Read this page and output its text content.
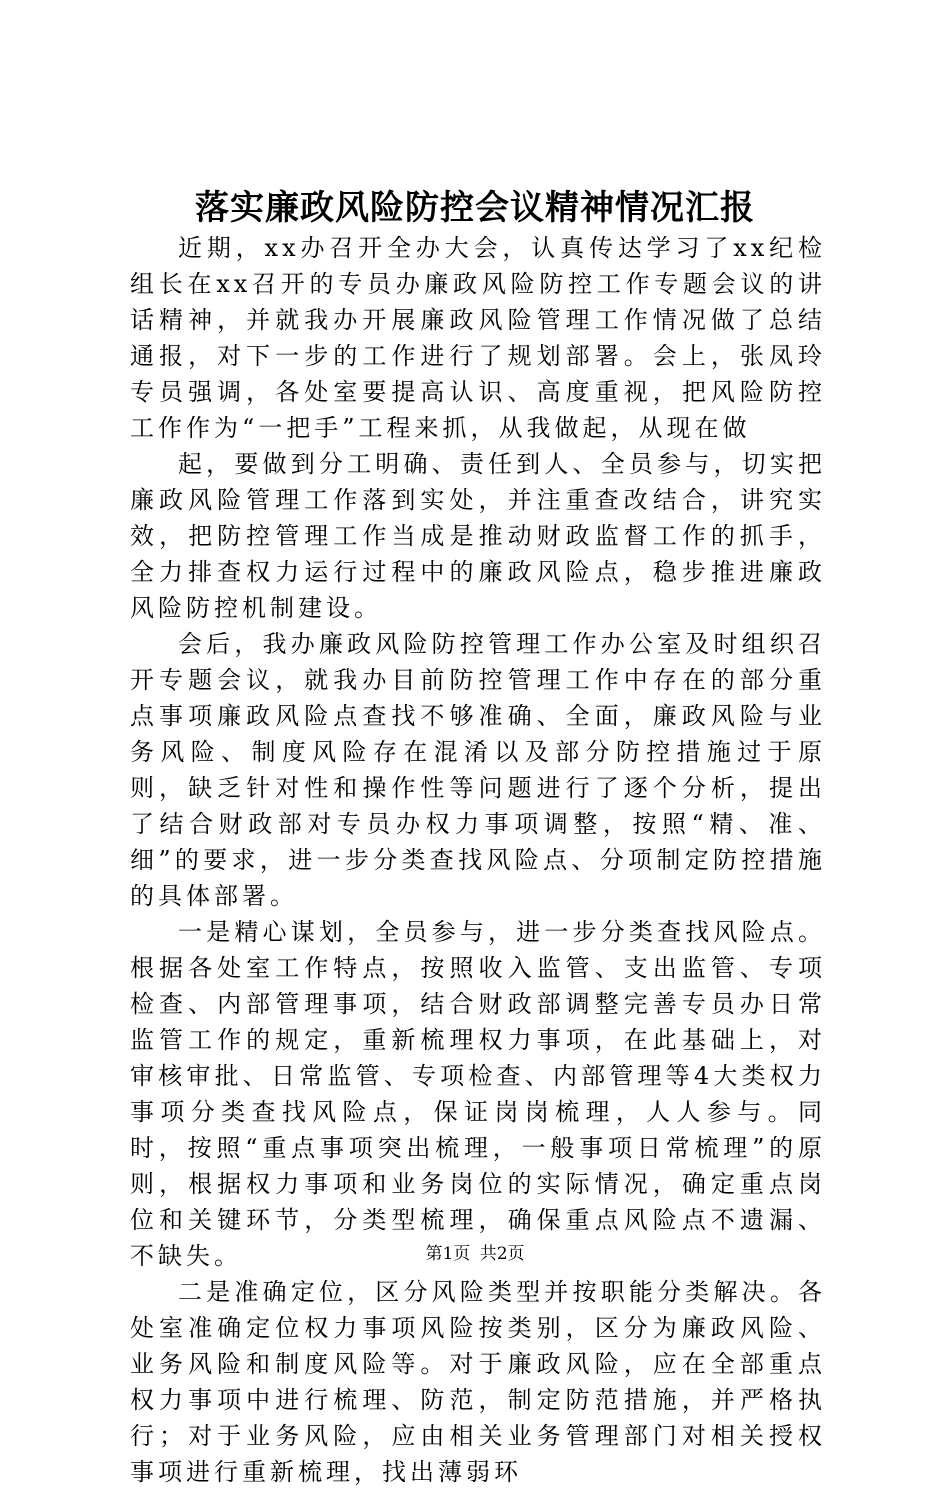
落实廉政风险防控会议精神情况汇报

近期，xx办召开全办大会，认真传达学习了xx纪检组长在xx召开的专员办廉政风险防控工作专题会议的讲话精神，并就我办开展廉政风险管理工作情况做了总结通报，对下一步的工作进行了规划部署。会上，张凤玲专员强调，各处室要提高认识、高度重视，把风险防控工作作为“一把手”工程来抓，从我做起，从现在做

起，要做到分工明确、责任到人、全员参与，切实把廉政风险管理工作落到实处，并注重查改结合，讲究实效，把防控管理工作当成是推动财政监督工作的抓手，全力排查权力运行过程中的廉政风险点，稳步推进廉政风险防控机制建设。

会后，我办廉政风险防控管理工作办公室及时组织召开专题会议，就我办目前防控管理工作中存在的部分重点事项廉政风险点查找不够准确、全面，廉政风险与业务风险、制度风险存在混淆以及部分防控措施过于原则，缺乏针对性和操作性等问题进行了逐个分析，提出了结合财政部对专员办权力事项调整，按照“精、准、细”的要求，进一步分类查找风险点、分项制定防控措施的具体部署。

一是精心谋划，全员参与，进一步分类查找风险点。根据各处室工作特点，按照收入监管、支出监管、专项检查、内部管理事项，结合财政部调整完善专员办日常监管工作的规定，重新梳理权力事项，在此基础上，对审核审批、日常监管、专项检查、内部管理等4大类权力事项分类查找风险点，保证岗岗梳理，人人参与。同时，按照“重点事项突出梳理，一般事项日常梳理”的原则，根据权力事项和业务岗位的实际情况，确定重点岗位和关键环节，分类型梳理，确保重点风险点不遗漏、不缺失。

二是准确定位，区分风险类型并按职能分类解决。各处室准确定位权力事项风险按类别，区分为廉政风险、业务风险和制度风险等。对于廉政风险，应在全部重点权力事项中进行梳理、防范，制定防范措施，并严格执行；对于业务风险，应由相关业务管理部门对相关授权事项进行重新梳理，找出薄弱环

第1页 共2页
